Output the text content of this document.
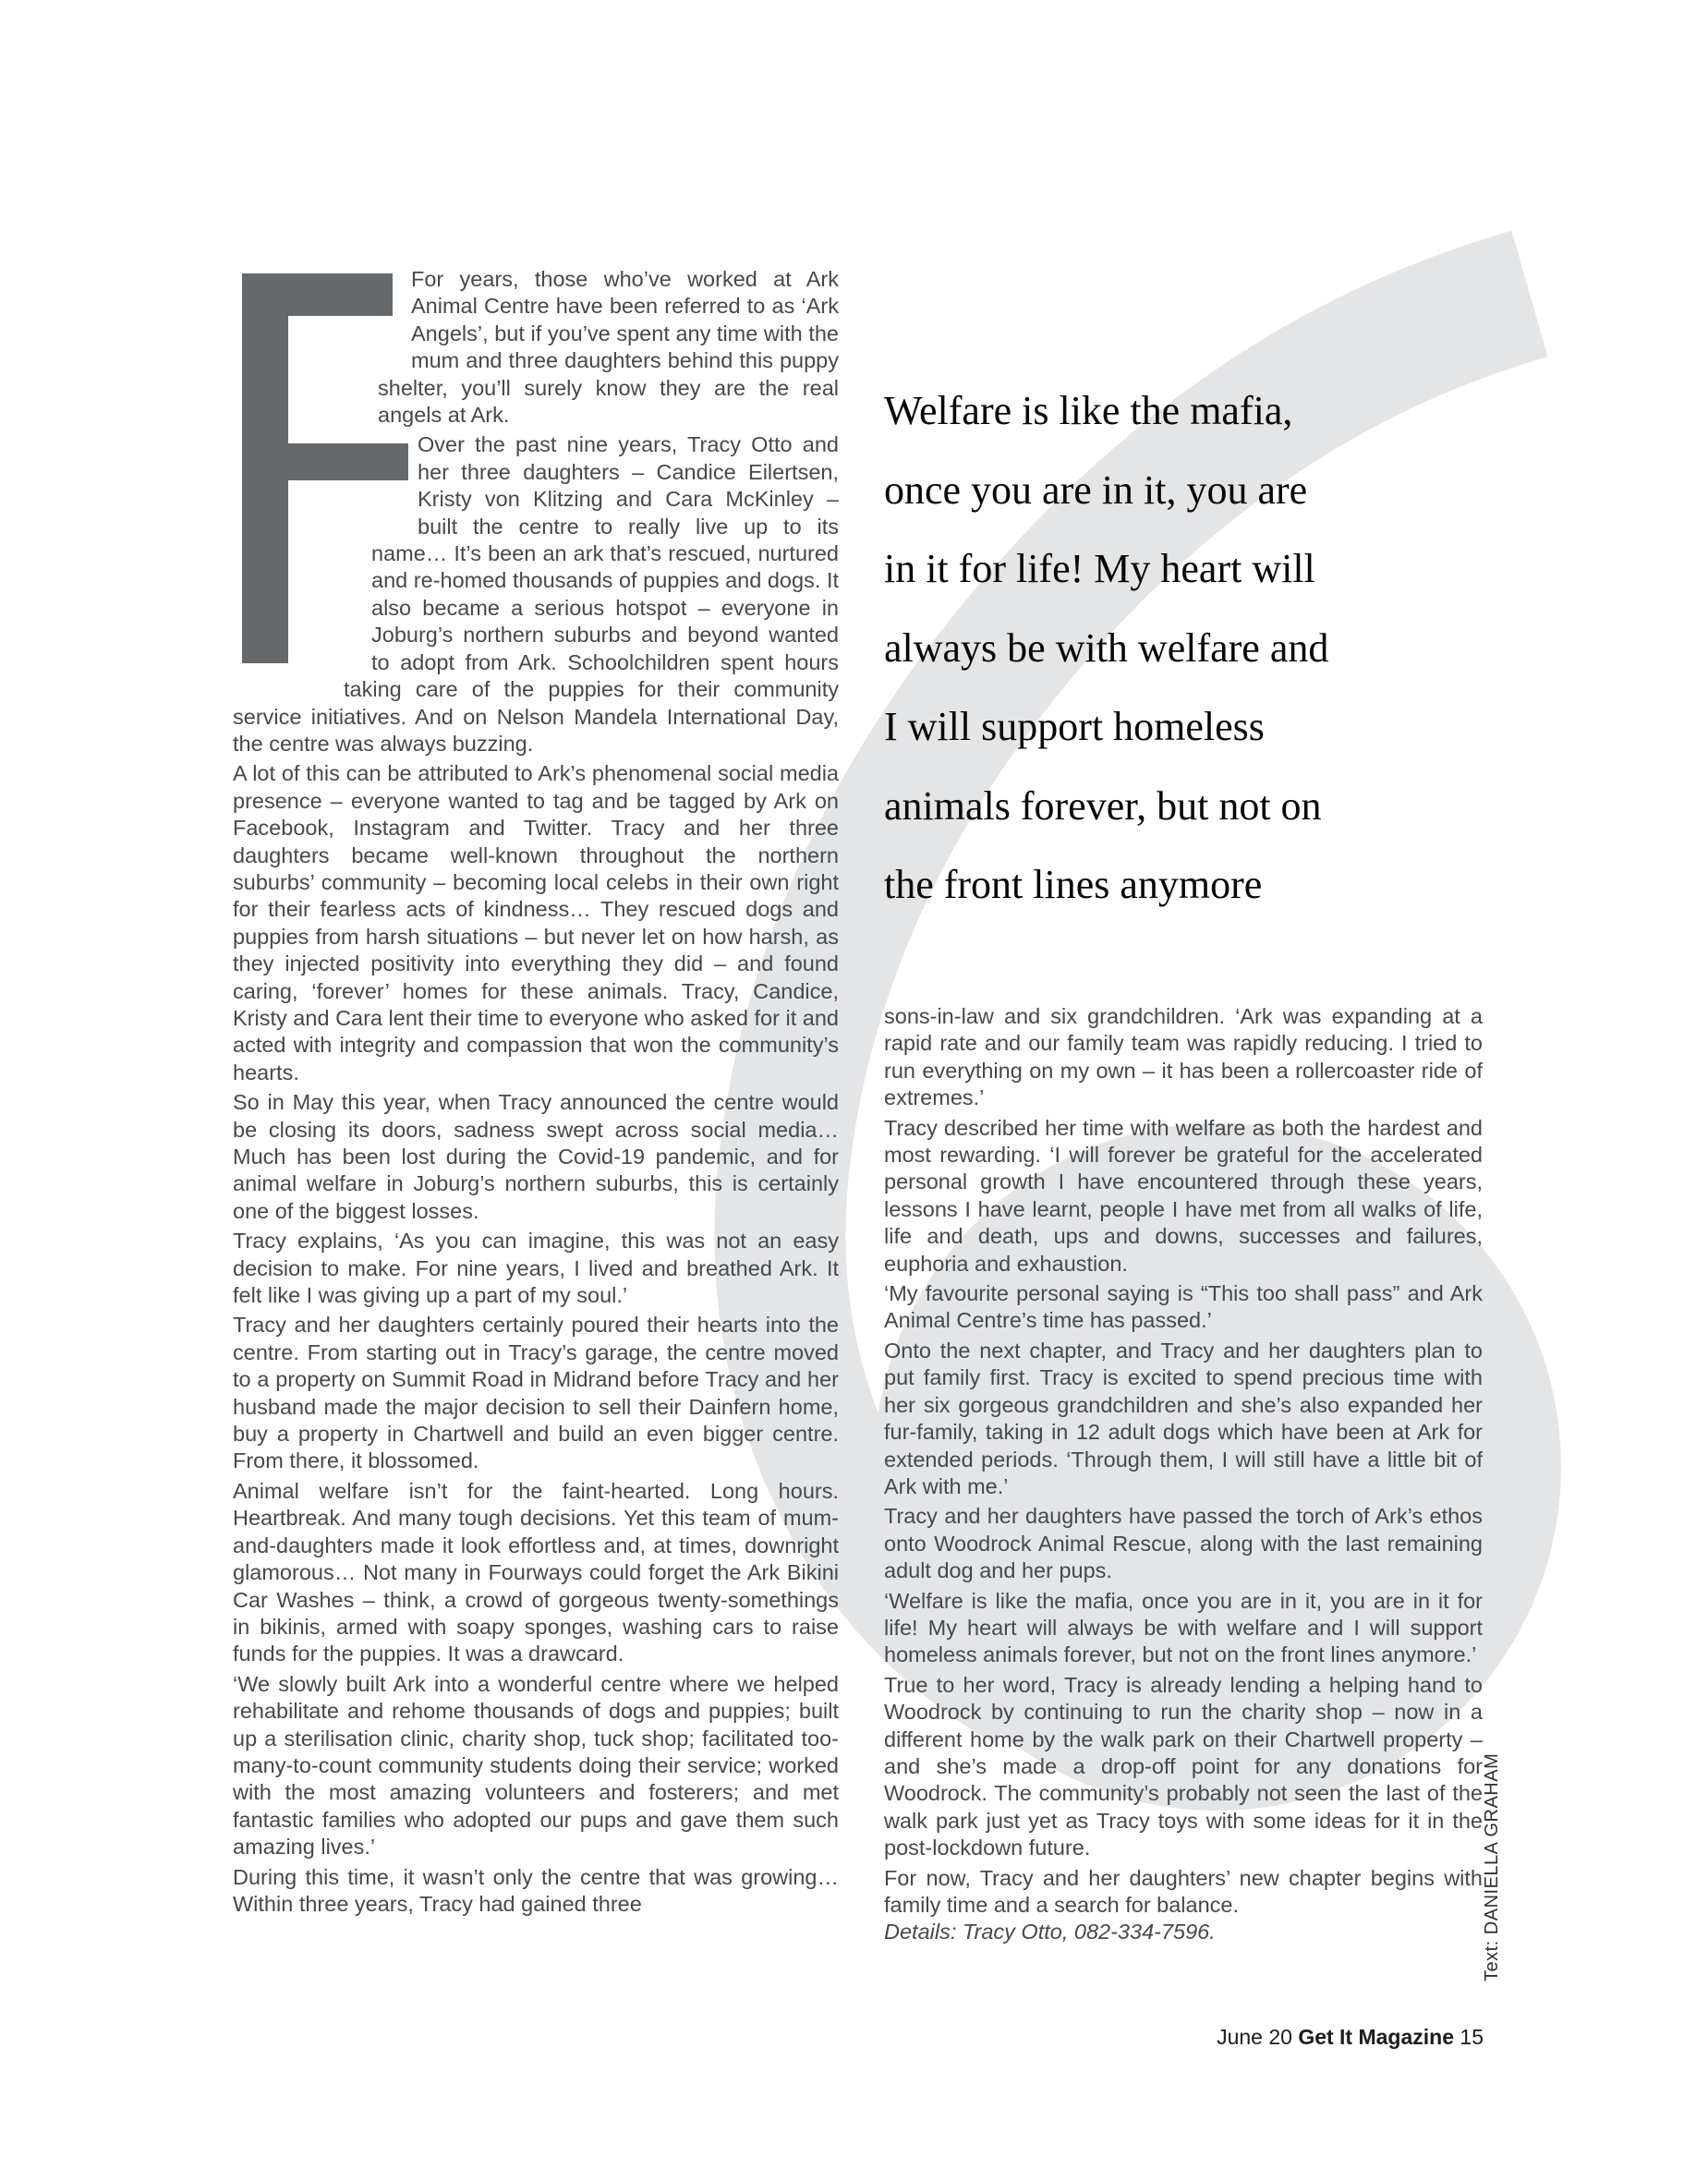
For years, those who’ve worked at Ark Animal Centre have been referred to as ‘Ark Angels’, but if you’ve spent any time with the mum and three daughters behind this puppy shelter, you’ll surely know they are the real angels at Ark.

Over the past nine years, Tracy Otto and her three daughters – Candice Eilertsen, Kristy von Klitzing and Cara McKinley – built the centre to really live up to its name… It’s been an ark that’s rescued, nurtured and re-homed thousands of puppies and dogs. It also became a serious hotspot – everyone in Joburg’s northern suburbs and beyond wanted to adopt from Ark. Schoolchildren spent hours taking care of the puppies for their community service initiatives. And on Nelson Mandela International Day, the centre was always buzzing.

A lot of this can be attributed to Ark’s phenomenal social media presence – everyone wanted to tag and be tagged by Ark on Facebook, Instagram and Twitter. Tracy and her three daughters became well-known throughout the northern suburbs’ community – becoming local celebs in their own right for their fearless acts of kindness… They rescued dogs and puppies from harsh situations – but never let on how harsh, as they injected positivity into everything they did – and found caring, ‘forever’ homes for these animals. Tracy, Candice, Kristy and Cara lent their time to everyone who asked for it and acted with integrity and compassion that won the community’s hearts.

So in May this year, when Tracy announced the centre would be closing its doors, sadness swept across social media… Much has been lost during the Covid-19 pandemic, and for animal welfare in Joburg’s northern suburbs, this is certainly one of the biggest losses.

Tracy explains, ‘As you can imagine, this was not an easy decision to make. For nine years, I lived and breathed Ark. It felt like I was giving up a part of my soul.’

Tracy and her daughters certainly poured their hearts into the centre. From starting out in Tracy’s garage, the centre moved to a property on Summit Road in Midrand before Tracy and her husband made the major decision to sell their Dainfern home, buy a property in Chartwell and build an even bigger centre. From there, it blossomed.

Animal welfare isn’t for the faint-hearted. Long hours. Heartbreak. And many tough decisions. Yet this team of mum-and-daughters made it look effortless and, at times, downright glamorous… Not many in Fourways could forget the Ark Bikini Car Washes – think, a crowd of gorgeous twenty-somethings in bikinis, armed with soapy sponges, washing cars to raise funds for the puppies. It was a drawcard.

‘We slowly built Ark into a wonderful centre where we helped rehabilitate and rehome thousands of dogs and puppies; built up a sterilisation clinic, charity shop, tuck shop; facilitated too-many-to-count community students doing their service; worked with the most amazing volunteers and fosterers; and met fantastic families who adopted our pups and gave them such amazing lives.’

During this time, it wasn’t only the centre that was growing… Within three years, Tracy had gained three

Welfare is like the mafia,
once you are in it, you are
in it for life! My heart will
always be with welfare and
I will support homeless
animals forever, but not on
the front lines anymore

sons-in-law and six grandchildren. ‘Ark was expanding at a rapid rate and our family team was rapidly reducing. I tried to run everything on my own – it has been a rollercoaster ride of extremes.’

Tracy described her time with welfare as both the hardest and most rewarding. ‘I will forever be grateful for the accelerated personal growth I have encountered through these years, lessons I have learnt, people I have met from all walks of life, life and death, ups and downs, successes and failures, euphoria and exhaustion.

‘My favourite personal saying is “This too shall pass” and Ark Animal Centre’s time has passed.’

Onto the next chapter, and Tracy and her daughters plan to put family first. Tracy is excited to spend precious time with her six gorgeous grandchildren and she’s also expanded her fur-family, taking in 12 adult dogs which have been at Ark for extended periods. ‘Through them, I will still have a little bit of Ark with me.’

Tracy and her daughters have passed the torch of Ark’s ethos onto Woodrock Animal Rescue, along with the last remaining adult dog and her pups.

‘Welfare is like the mafia, once you are in it, you are in it for life! My heart will always be with welfare and I will support homeless animals forever, but not on the front lines anymore.’

True to her word, Tracy is already lending a helping hand to Woodrock by continuing to run the charity shop – now in a different home by the walk park on their Chartwell property – and she’s made a drop-off point for any donations for Woodrock. The community’s probably not seen the last of the walk park just yet as Tracy toys with some ideas for it in the post-lockdown future.

For now, Tracy and her daughters’ new chapter begins with family time and a search for balance.

Details: Tracy Otto, 082-334-7596.	Text: DANIELLA GRAHAM
June 20 Get It Magazine 15
